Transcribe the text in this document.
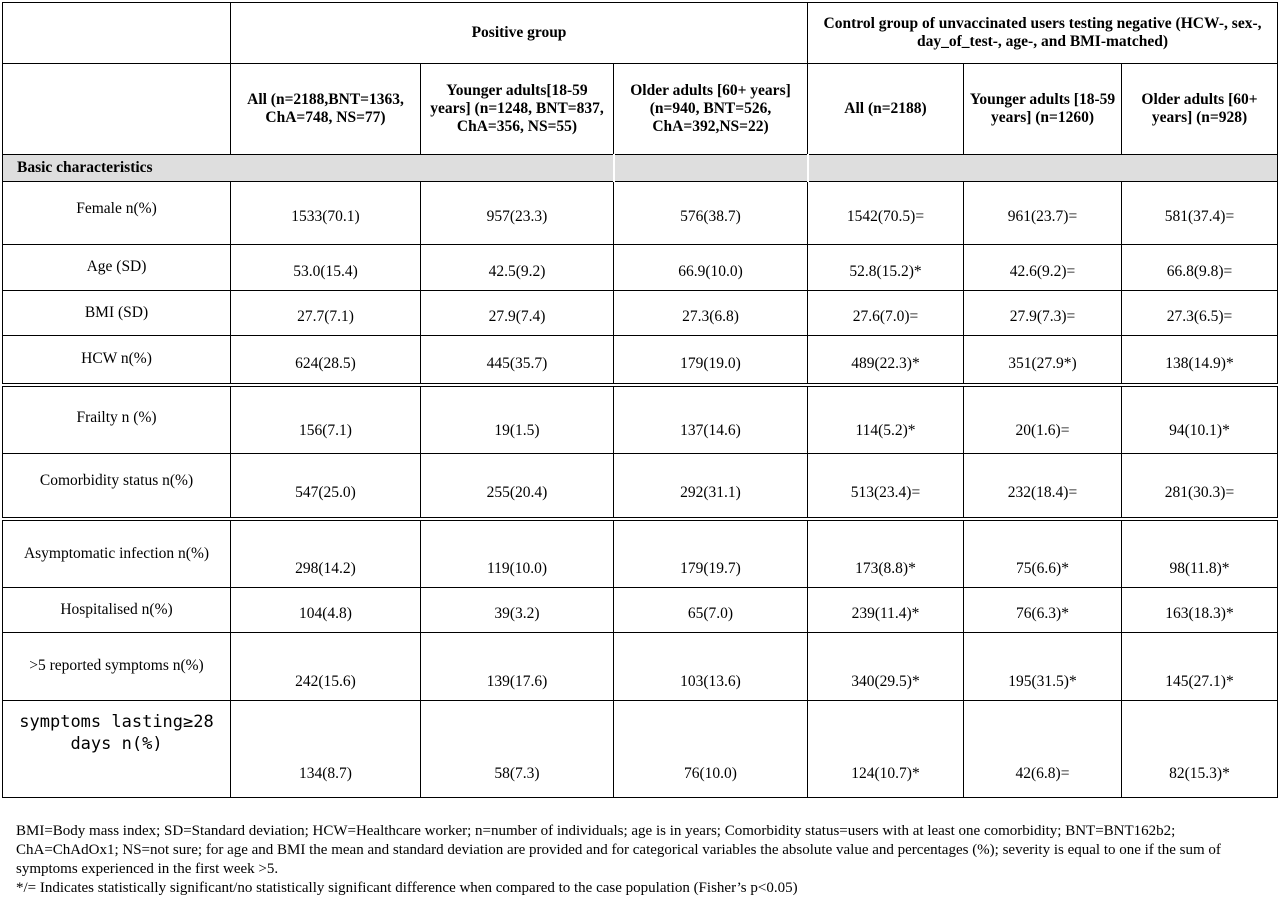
	Positive group			Control group of unvaccinated users testing negative (HCW-, sex-, day_of_test-, age-, and BMI-matched)		
	All (n=2188,BNT=1363, ChA=748, NS=77)	Younger adults[18-59 years] (n=1248, BNT=837, ChA=356, NS=55)	Older adults [60+ years] (n=940, BNT=526, ChA=392,NS=22)	All (n=2188)	Younger adults [18-59 years] (n=1260)	Older adults [60+ years] (n=928)
Basic characteristics						
Female n(%)	1533(70.1)	957(23.3)	576(38.7)	1542(70.5)=	961(23.7)=	581(37.4)=
Age (SD)	53.0(15.4)	42.5(9.2)	66.9(10.0)	52.8(15.2)*	42.6(9.2)=	66.8(9.8)=
BMI (SD)	27.7(7.1)	27.9(7.4)	27.3(6.8)	27.6(7.0)=	27.9(7.3)=	27.3(6.5)=
HCW n(%)	624(28.5)	445(35.7)	179(19.0)	489(22.3)*	351(27.9*)	138(14.9)*
Frailty n (%)	156(7.1)	19(1.5)	137(14.6)	114(5.2)*	20(1.6)=	94(10.1)*
Comorbidity status n(%)	547(25.0)	255(20.4)	292(31.1)	513(23.4)=	232(18.4)=	281(30.3)=
Asymptomatic infection n(%)	298(14.2)	119(10.0)	179(19.7)	173(8.8)*	75(6.6)*	98(11.8)*
Hospitalised n(%)	104(4.8)	39(3.2)	65(7.0)	239(11.4)*	76(6.3)*	163(18.3)*
>5 reported symptoms n(%)	242(15.6)	139(17.6)	103(13.6)	340(29.5)*	195(31.5)*	145(27.1)*
symptoms lasting≥28 days n(%)	134(8.7)	58(7.3)	76(10.0)	124(10.7)*	42(6.8)=	82(15.3)*

BMI=Body mass index; SD=Standard deviation; HCW=Healthcare worker; n=number of individuals; age is in years; Comorbidity status=users with at least one comorbidity; BNT=BNT162b2; ChA=ChAdOx1; NS=not sure; for age and BMI the mean and standard deviation are provided and for categorical variables the absolute value and percentages (%); severity is equal to one if the sum of symptoms experienced in the first week >5.

*/= Indicates statistically significant/no statistically significant difference when compared to the case population (Fisher’s p<0.05)
